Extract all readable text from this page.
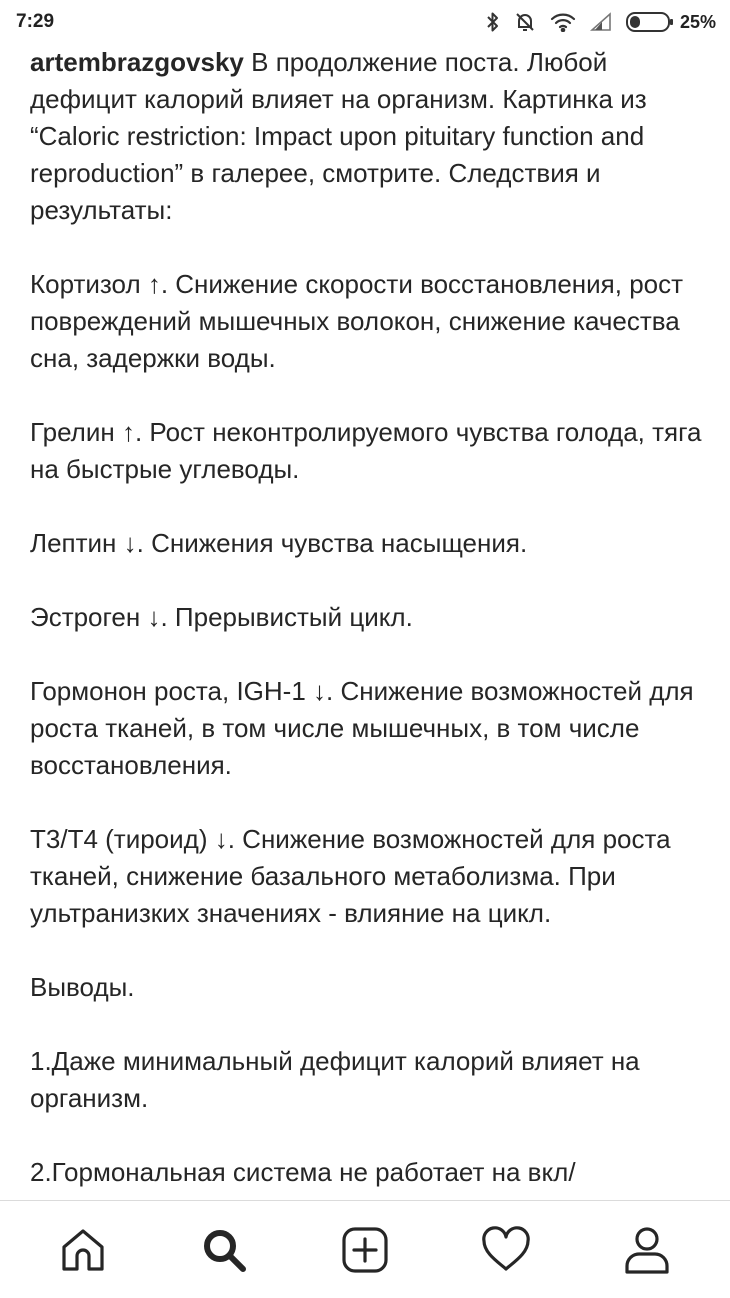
7:29	25%

artembrazgovsky В продолжение поста. Любой дефицит калорий влияет на организм. Картинка из “Caloric restriction: Impact upon pituitary function and reproduction” в галерее, смотрите. Следствия и результаты:

Кортизол ↑. Снижение скорости восстановления, рост повреждений мышечных волокон, снижение качества сна, задержки воды.

Грелин ↑. Рост неконтролируемого чувства голода, тяга на быстрые углеводы.

Лептин ↓. Снижения чувства насыщения.

Эстроген ↓. Прерывистый цикл.

Гормонон роста, IGH-1 ↓. Снижение возможностей для роста тканей, в том числе мышечных, в том числе восстановления.

T3/T4 (тироид) ↓. Снижение возможностей для роста тканей, снижение базального метаболизма. При ультранизких значениях - влияние на цикл.

Выводы.

1.Даже минимальный дефицит калорий влияет на организм.

2.Гормональная система не работает на вкл/
